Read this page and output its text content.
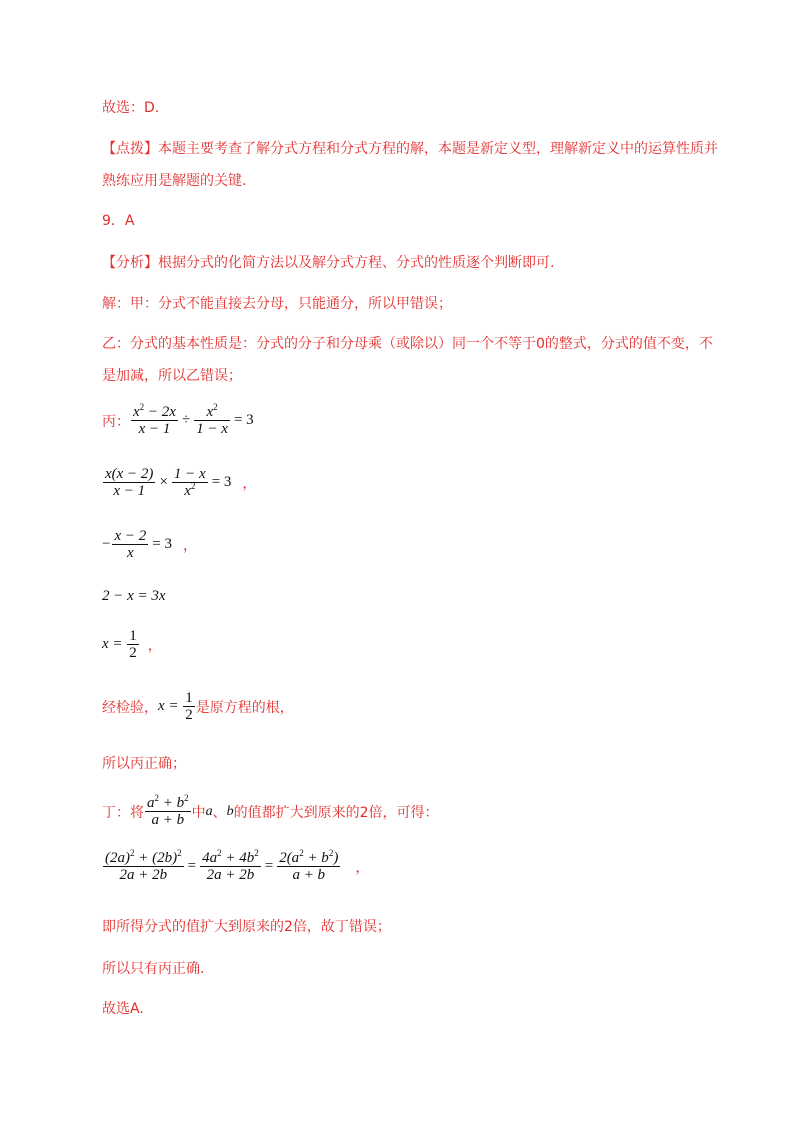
故选：D.
【点拨】本题主要考查了解分式方程和分式方程的解，本题是新定义型，理解新定义中的运算性质并熟练应用是解题的关键.
9．A
【分析】根据分式的化简方法以及解分式方程、分式的性质逐个判断即可.
解：甲：分式不能直接去分母，只能通分，所以甲错误；
乙：分式的基本性质是：分式的分子和分母乘（或除以）同一个不等于0的整式，分式的值不变，不是加减，所以乙错误；
丙： $\frac{x^2 - 2x}{x - 1} \div \frac{x^2}{1 - x} = 3$
$\frac{x(x - 2)}{x - 1} \times \frac{1 - x}{x^2} = 3$ ，
− $\frac{x - 2}{x} = 3$ ，
2 − x = 3x
$x = \frac{1}{2}$ ，
经检验， $x = \frac{1}{2}$ 是原方程的根，
所以丙正确；
丁：将 $\frac{a^2 + b^2}{a + b}$ 中 a 、 b 的值都扩大到原来的2倍，可得：
$\frac{(2a)^2 + (2b)^2}{2a + 2b} = \frac{4a^2 + 4b^2}{2a + 2b} = \frac{2(a^2 + b^2)}{a + b}$ ，
即所得分式的值扩大到原来的2倍，故丁错误；
所以只有丙正确.
故选A.
